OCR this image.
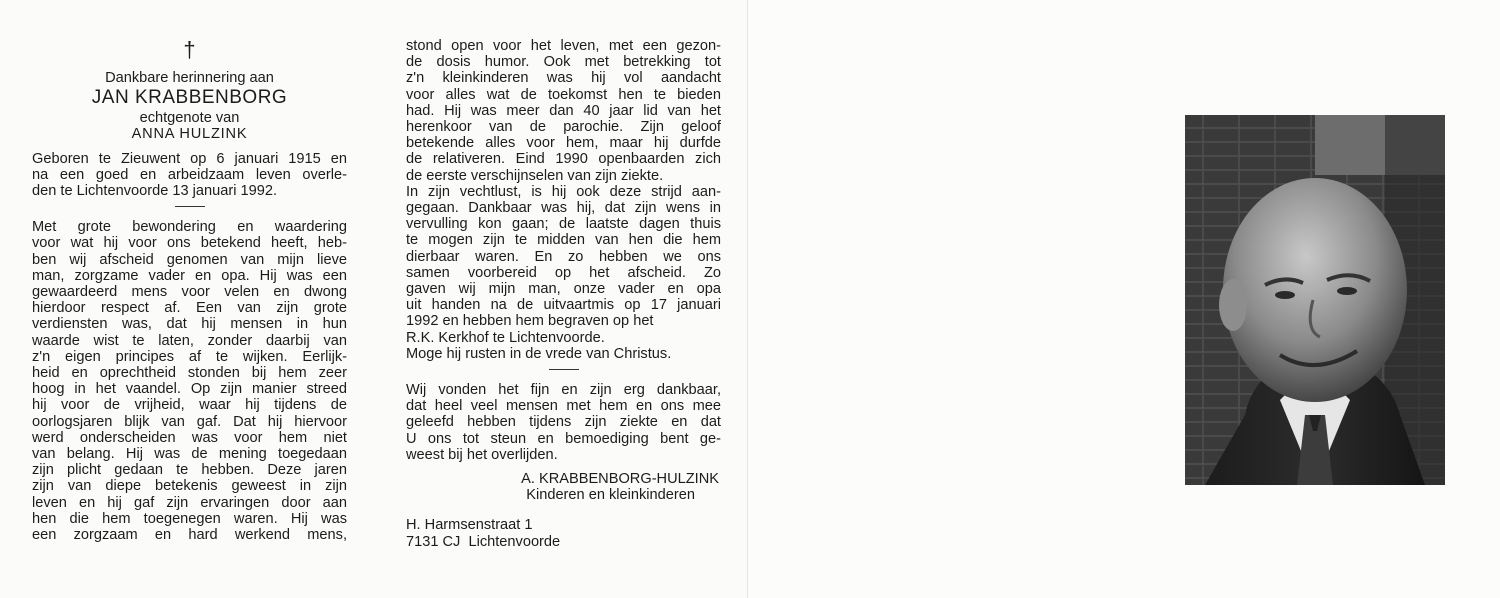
†
Dankbare herinnering aan
JAN KRABBENBORG
echtgenote van
ANNA HULZINK
Geboren te Zieuwent op 6 januari 1915 en
na een goed en arbeidzaam leven overle-
den te Lichtenvoorde 13 januari 1992.
Met grote bewondering en waardering
voor wat hij voor ons betekend heeft, heb-
ben wij afscheid genomen van mijn lieve
man, zorgzame vader en opa. Hij was een
gewaardeerd mens voor velen en dwong
hierdoor respect af. Een van zijn grote
verdiensten was, dat hij mensen in hun
waarde wist te laten, zonder daarbij van
z'n eigen principes af te wijken. Eerlijk-
heid en oprechtheid stonden bij hem zeer
hoog in het vaandel. Op zijn manier streed
hij voor de vrijheid, waar hij tijdens de
oorlogsjaren blijk van gaf. Dat hij hiervoor
werd onderscheiden was voor hem niet
van belang. Hij was de mening toegedaan
zijn plicht gedaan te hebben. Deze jaren
zijn van diepe betekenis geweest in zijn
leven en hij gaf zijn ervaringen door aan
hen die hem toegenegen waren. Hij was
een zorgzaam en hard werkend mens,
stond open voor het leven, met een gezon-
de dosis humor. Ook met betrekking tot
z'n kleinkinderen was hij vol aandacht
voor alles wat de toekomst hen te bieden
had. Hij was meer dan 40 jaar lid van het
herenkoor van de parochie. Zijn geloof
betekende alles voor hem, maar hij durfde
de relativeren. Eind 1990 openbaarden zich
de eerste verschijnselen van zijn ziekte.
In zijn vechtlust, is hij ook deze strijd aan-
gegaan. Dankbaar was hij, dat zijn wens in
vervulling kon gaan; de laatste dagen thuis
te mogen zijn te midden van hen die hem
dierbaar waren. En zo hebben we ons
samen voorbereid op het afscheid. Zo
gaven wij mijn man, onze vader en opa
uit handen na de uitvaartmis op 17 januari
1992 en hebben hem begraven op het
R.K. Kerkhof te Lichtenvoorde.
Moge hij rusten in de vrede van Christus.
Wij vonden het fijn en zijn erg dankbaar,
dat heel veel mensen met hem en ons mee
geleefd hebben tijdens zijn ziekte en dat
U ons tot steun en bemoediging bent ge-
weest bij het overlijden.
A. KRABBENBORG-HULZINK
Kinderen en kleinkinderen
H. Harmsenstraat 1
7131 CJ  Lichtenvoorde
